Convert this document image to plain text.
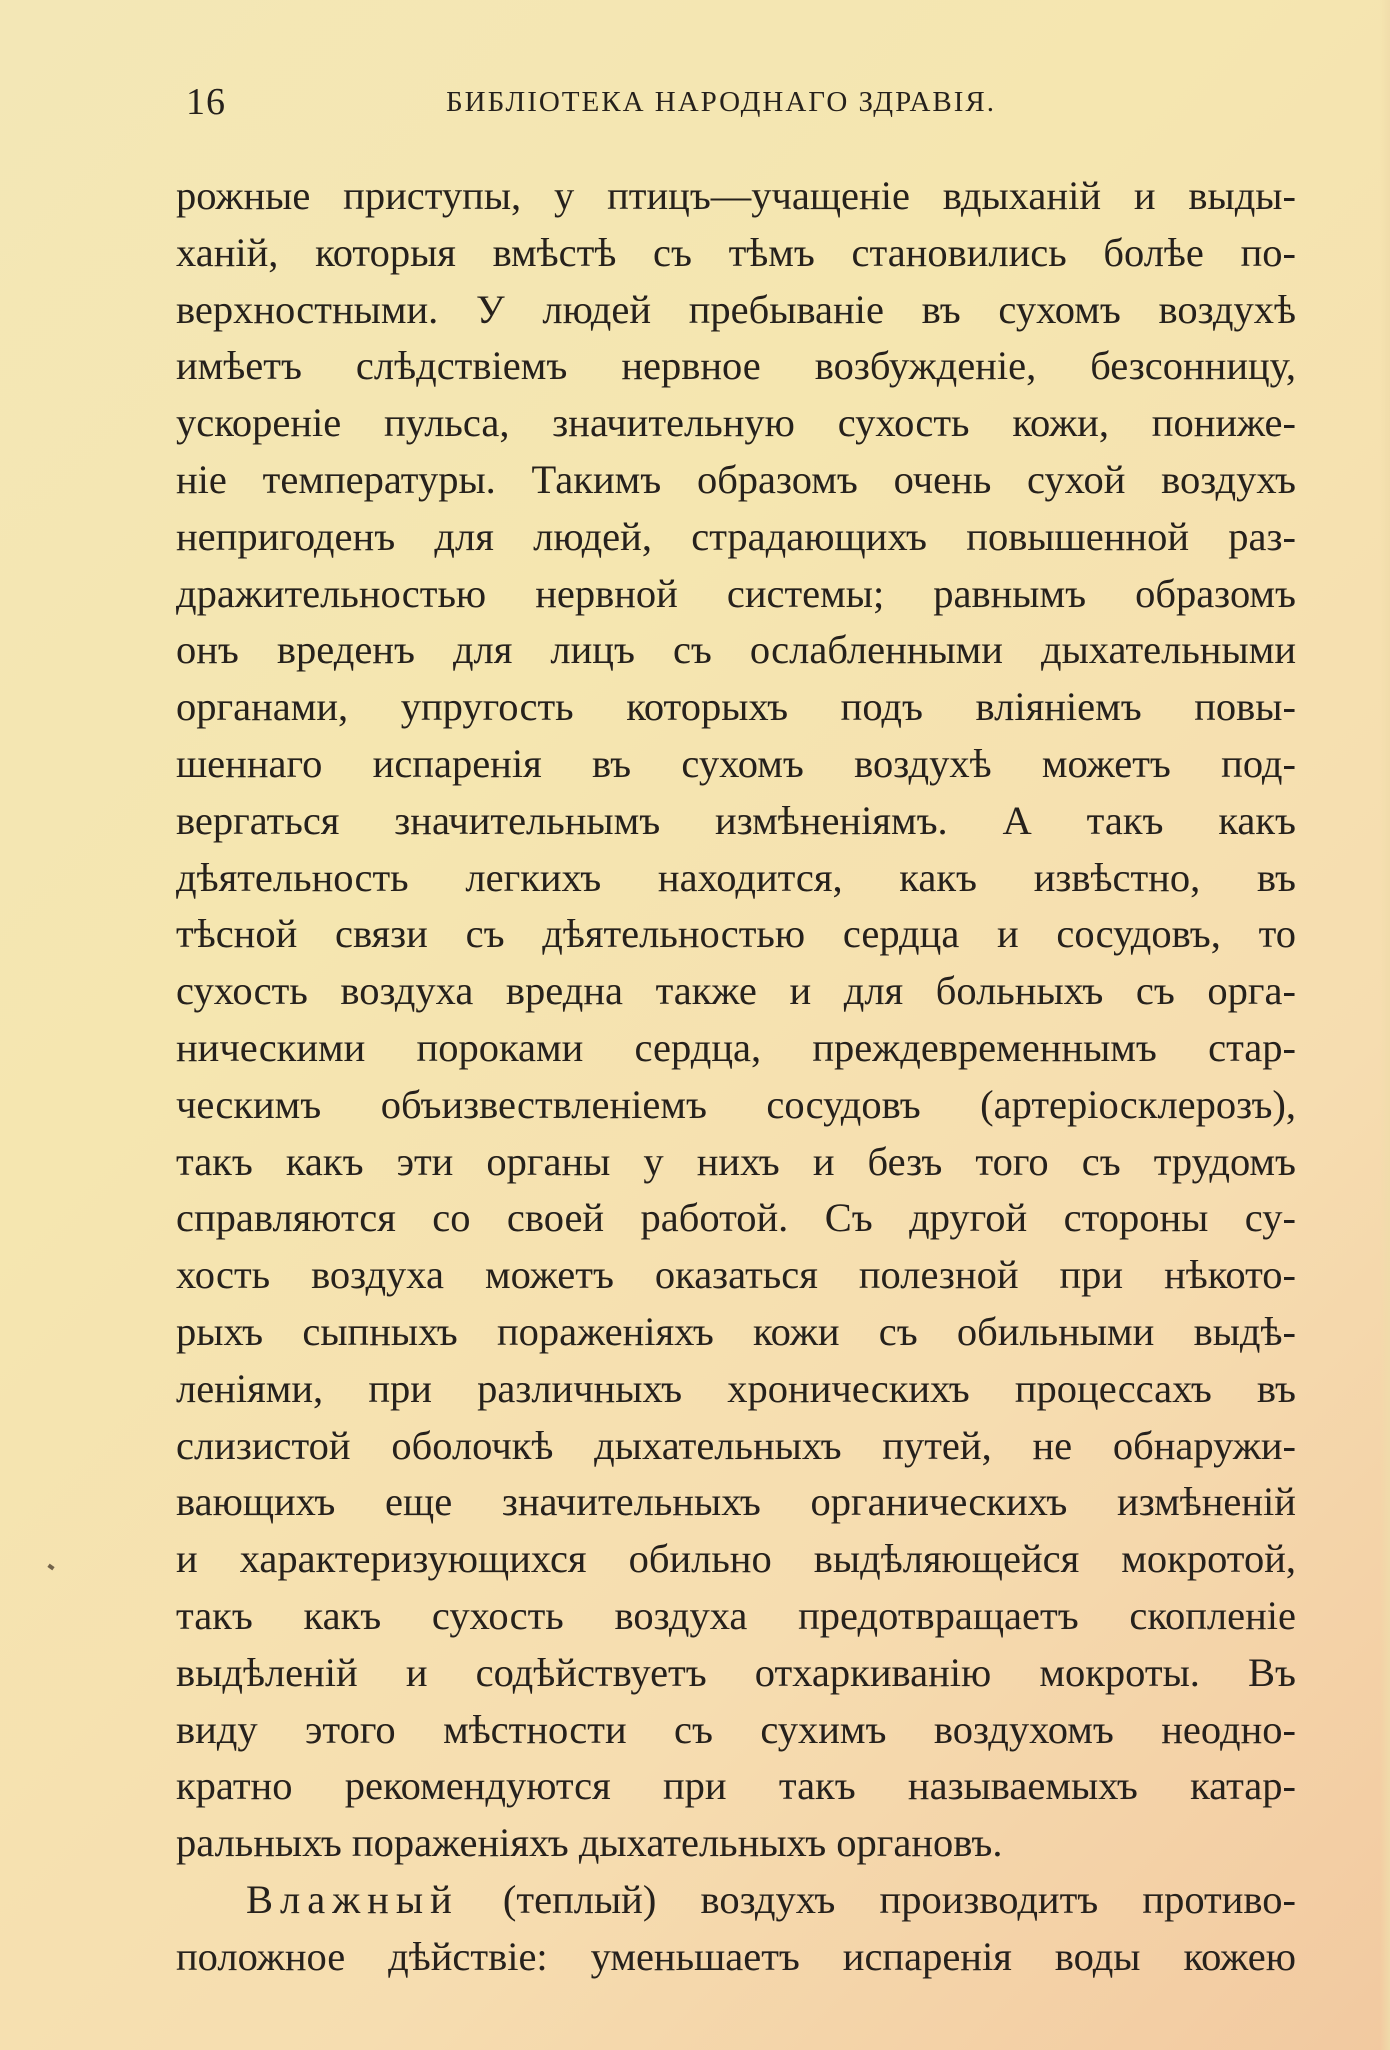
16	БИБЛІОТЕКА НАРОДНАГО ЗДРАВІЯ.
рожные приступы, у птицъ—учащеніе вдыханій и выды-
ханій, которыя вмѣстѣ съ тѣмъ становились болѣе по-
верхностными. У людей пребываніе въ сухомъ воздухѣ
имѣетъ слѣдствіемъ нервное возбужденіе, безсонницу,
ускореніе пульса, значительную сухость кожи, пониже-
ніе температуры. Такимъ образомъ очень сухой воздухъ
непригоденъ для людей, страдающихъ повышенной раз-
дражительностью нервной системы; равнымъ образомъ
онъ вреденъ для лицъ съ ослабленными дыхательными
органами, упругость которыхъ подъ вліяніемъ повы-
шеннаго испаренія въ сухомъ воздухѣ можетъ под-
вергаться значительнымъ измѣненіямъ. А такъ какъ
дѣятельность легкихъ находится, какъ извѣстно, въ
тѣсной связи съ дѣятельностью сердца и сосудовъ, то
сухость воздуха вредна также и для больныхъ съ орга-
ническими пороками сердца, преждевременнымъ стар-
ческимъ объизвествленіемъ сосудовъ (артеріосклерозъ),
такъ какъ эти органы у нихъ и безъ того съ трудомъ
справляются со своей работой. Съ другой стороны су-
хость воздуха можетъ оказаться полезной при нѣкото-
рыхъ сыпныхъ пораженіяхъ кожи съ обильными выдѣ-
леніями, при различныхъ хроническихъ процессахъ въ
слизистой оболочкѣ дыхательныхъ путей, не обнаружи-
вающихъ еще значительныхъ органическихъ измѣненій
и характеризующихся обильно выдѣляющейся мокротой,
такъ какъ сухость воздуха предотвращаетъ скопленіе
выдѣленій и содѣйствуетъ отхаркиванію мокроты. Въ
виду этого мѣстности съ сухимъ воздухомъ неодно-
кратно рекомендуются при такъ называемыхъ катар-
ральныхъ пораженіяхъ дыхательныхъ органовъ.
Влажный (теплый) воздухъ производитъ противо-
положное дѣйствіе: уменьшаетъ испаренія воды кожею
